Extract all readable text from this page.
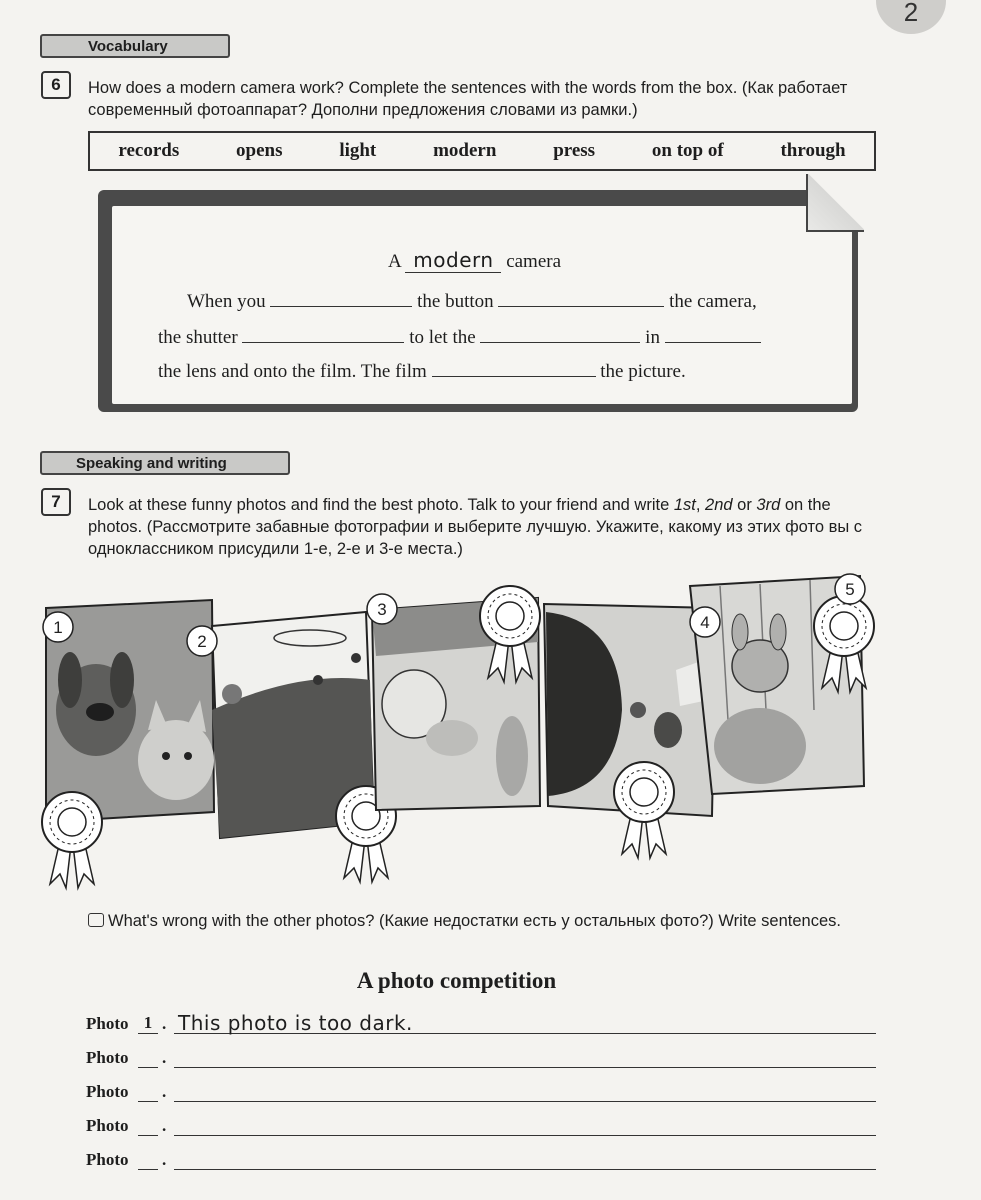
2
Vocabulary
6	How does a modern camera work? Complete the sentences with the words from the box. (Как работает современный фотоаппарат? Дополни предложения словами из рамки.)
records	opens	light	modern	press	on top of	through
A modern camera
When you	the button	the camera,
the shutter	to let the	in
the lens and onto the film. The film	the picture.
Speaking and writing
7	Look at these funny photos and find the best photo. Talk to your friend and write 1st, 2nd or 3rd on the photos. (Рассмотрите забавные фотографии и выберите лучшую. Укажите, какому из этих фото вы с одноклассником присудили 1-е, 2-е и 3-е места.)
1
2
3
4
5
What's wrong with the other photos? (Какие недостатки есть у остальных фото?) Write sentences.
A photo competition
Photo 1 . This photo is too dark.
Photo .
Photo .
Photo .
Photo .
